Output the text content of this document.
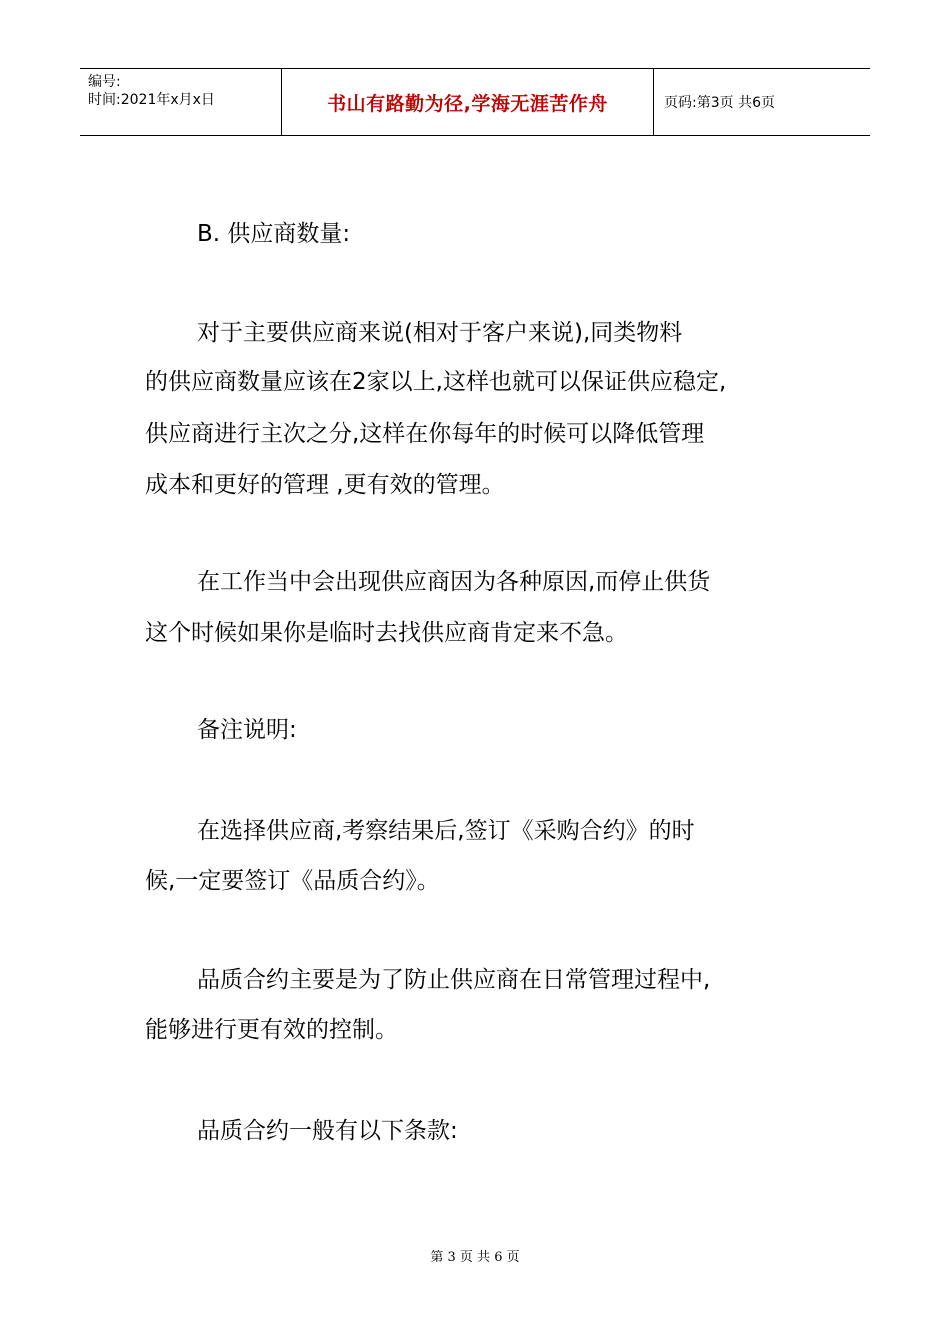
编号:
时间:2021年x月x日	书山有路勤为径,学海无涯苦作舟	页码:第3页 共6页
B. 供应商数量:
对于主要供应商来说(相对于客户来说),同类物料
的供应商数量应该在2家以上,这样也就可以保证供应稳定,
供应商进行主次之分,这样在你每年的时候可以降低管理
成本和更好的管理 ,更有效的管理。
在工作当中会出现供应商因为各种原因,而停止供货
这个时候如果你是临时去找供应商肯定来不急。
备注说明:
在选择供应商,考察结果后,签订《采购合约》的时
候,一定要签订《品质合约》。
品质合约主要是为了防止供应商在日常管理过程中,
能够进行更有效的控制。
品质合约一般有以下条款:
第 3 页 共 6 页
